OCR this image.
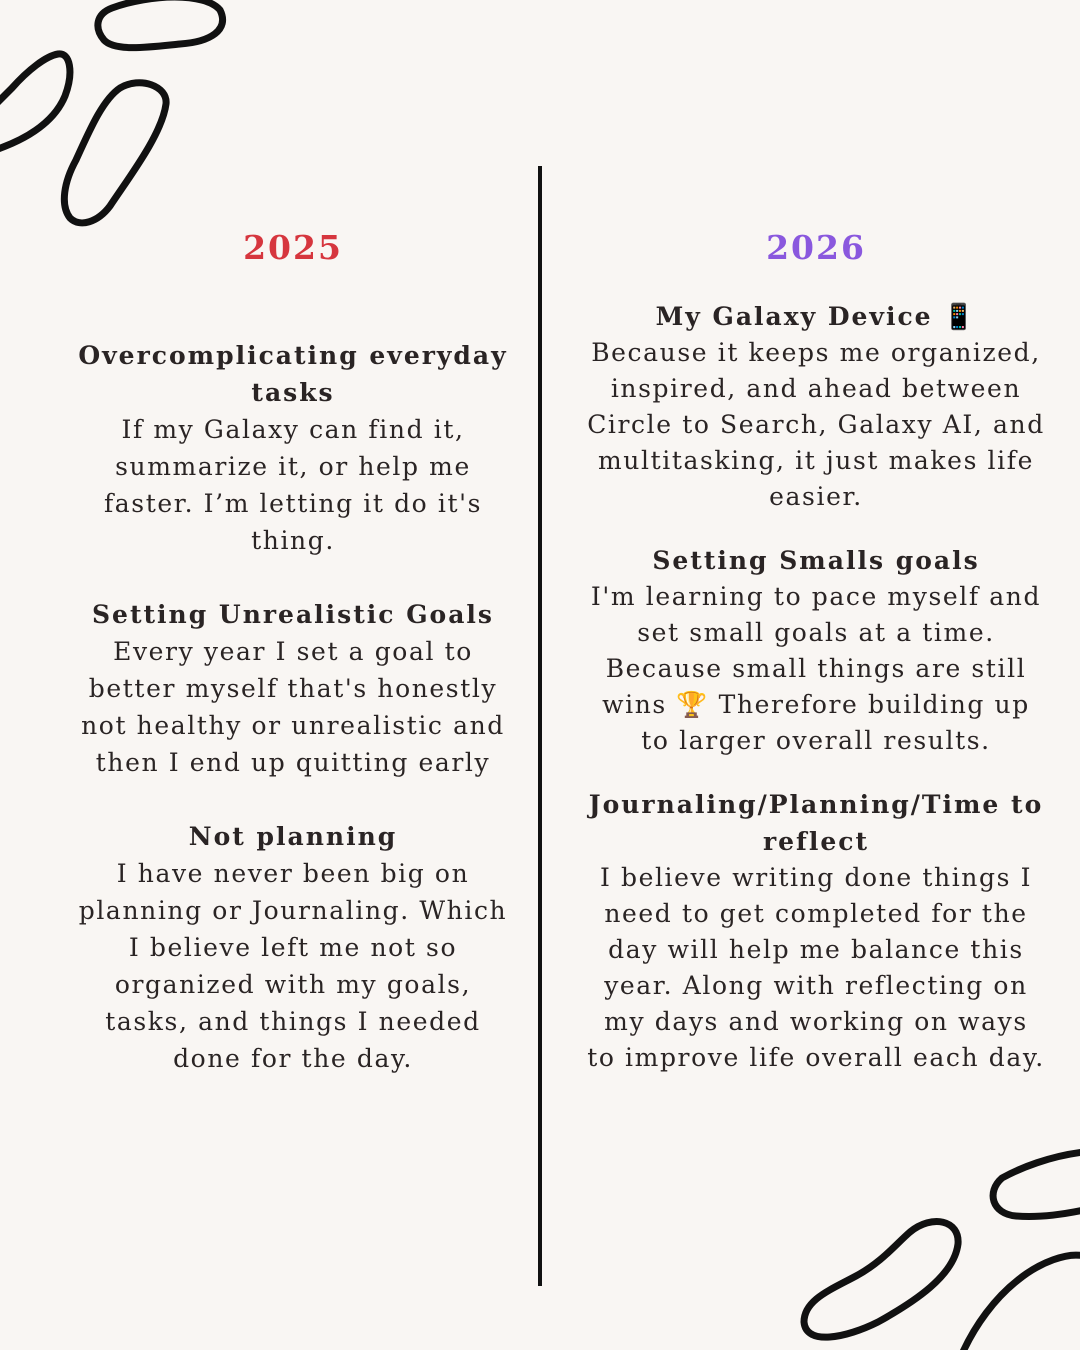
2025
Overcomplicating everyday tasks

If my Galaxy can find it, summarize it, or help me faster. I’m letting it do it's thing.

Setting Unrealistic Goals

Every year I set a goal to better myself that's honestly not healthy or unrealistic and then I end up quitting early

Not planning

I have never been big on planning or Journaling. Which I believe left me not so organized with my goals, tasks, and things I needed done for the day.

2026
My Galaxy Device 📱

Because it keeps me organized, inspired, and ahead between Circle to Search, Galaxy AI, and multitasking, it just makes life easier.

Setting Smalls goals

I'm learning to pace myself and set small goals at a time. Because small things are still wins 🏆 Therefore building up to larger overall results.

Journaling/Planning/Time to reflect

I believe writing done things I need to get completed for the day will help me balance this year. Along with reflecting on my days and working on ways to improve life overall each day.
